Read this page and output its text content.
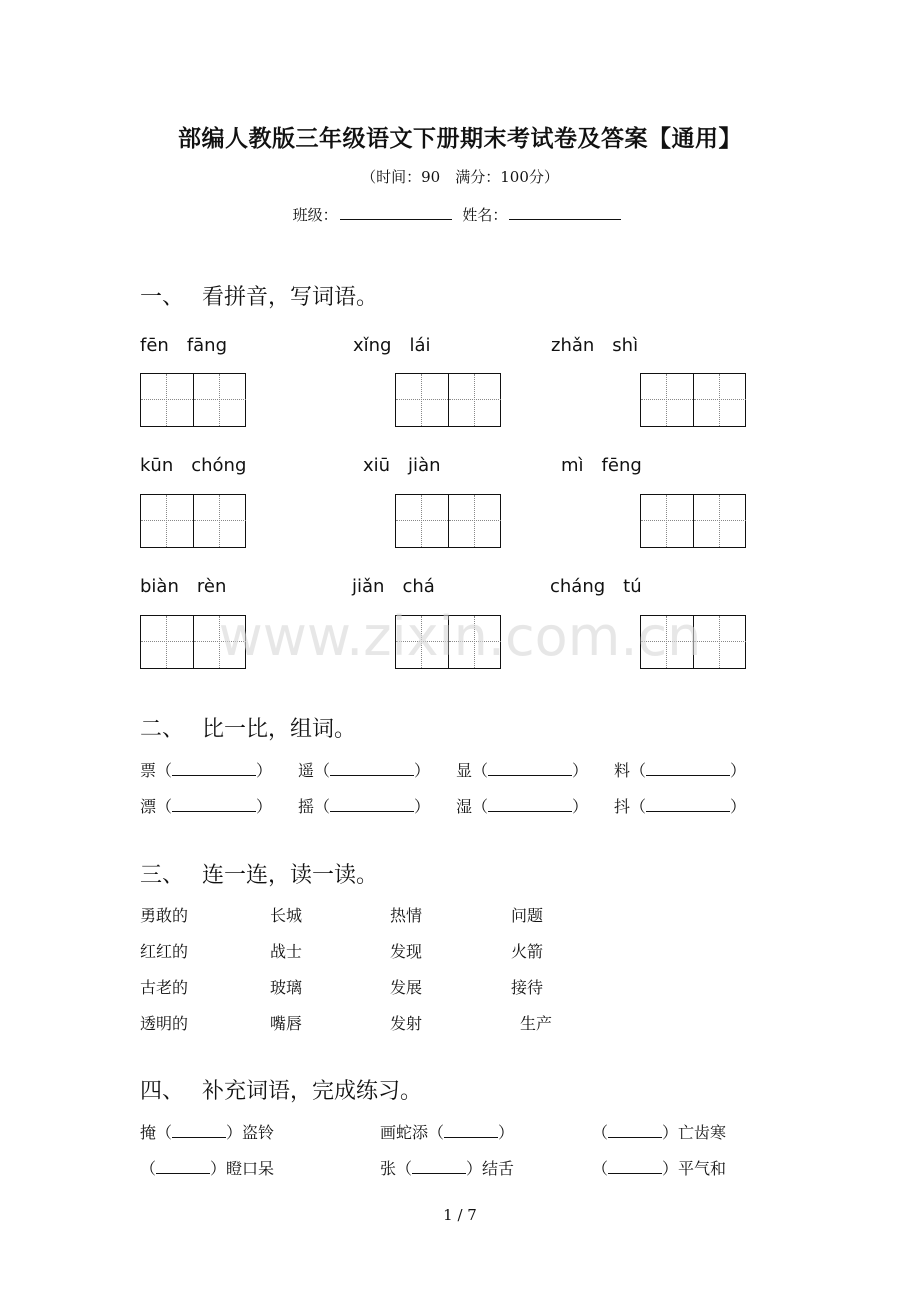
部编人教版三年级语文下册期末考试卷及答案【通用】
（时间：90　满分：100分）
班级：	姓名：
一、 看拼音，写词语。
fēn　fāng	xǐng　lái	zhǎn　shì
kūn　chóng	xiū　jiàn	mì　fēng
biàn　rèn	jiǎn　chá	cháng　tú
www.zixin.com.cn
二、 比一比，组词。
票（	） 遥（	） 显（	） 料（	）
漂（	） 摇（	） 湿（	） 抖（	）
三、 连一连，读一读。
勇敢的	长城	热情	问题
红红的	战士	发现	火箭
古老的	玻璃	发展	接待
透明的	嘴唇	发射	生产
四、 补充词语，完成练习。
掩（	）盗铃	画蛇添（	）	（	）亡齿寒
（	）瞪口呆	张（	）结舌	（	）平气和
1 / 7
